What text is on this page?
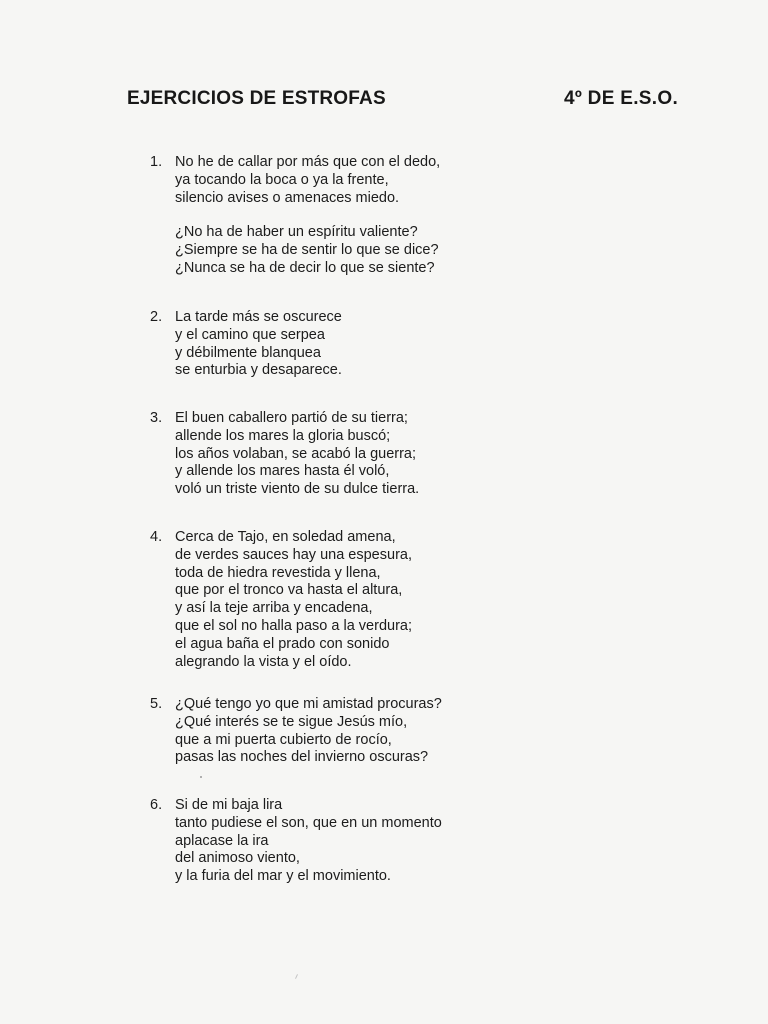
EJERCICIOS DE ESTROFAS	4º DE E.S.O.
1. No he de callar por más que con el dedo,
ya tocando la boca o ya la frente,
silencio avises o amenaces miedo.
¿No ha de haber un espíritu valiente?
¿Siempre se ha de sentir lo que se dice?
¿Nunca se ha de decir lo que se siente?
2. La tarde más se oscurece
y el camino que serpea
y débilmente blanquea
se enturbia y desaparece.
3. El buen caballero partió de su tierra;
allende los mares la gloria buscó;
los años volaban, se acabó la guerra;
y allende los mares hasta él voló,
voló un triste viento de su dulce tierra.
4. Cerca de Tajo, en soledad amena,
de verdes sauces hay una espesura,
toda de hiedra revestida y llena,
que por el tronco va hasta el altura,
y así la teje arriba y encadena,
que el sol no halla paso a la verdura;
el agua baña el prado con sonido
alegrando la vista y el oído.
5. ¿Qué tengo yo que mi amistad procuras?
¿Qué interés se te sigue Jesús mío,
que a mi puerta cubierto de rocío,
pasas las noches del invierno oscuras?
6. Si de mi baja lira
tanto pudiese el son, que en un momento
aplacase la ira
del animoso viento,
y la furia del mar y el movimiento.
